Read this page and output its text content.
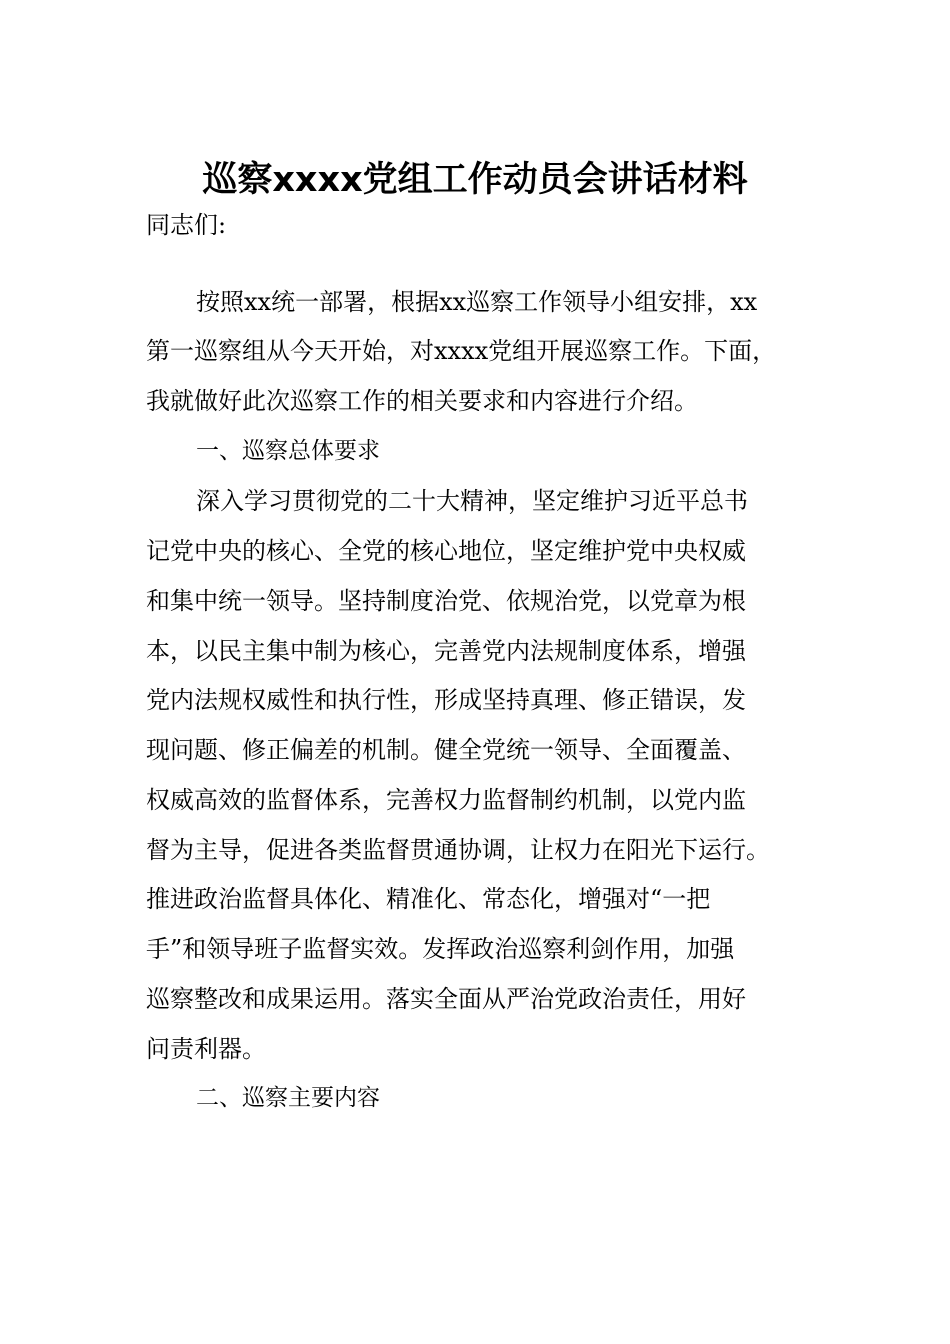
巡察xxxx党组工作动员会讲话材料
同志们:
按照xx统一部署，根据xx巡察工作领导小组安排，xx
第一巡察组从今天开始，对xxxx党组开展巡察工作。下面，
我就做好此次巡察工作的相关要求和内容进行介绍。
一、巡察总体要求
深入学习贯彻党的二十大精神，坚定维护习近平总书
记党中央的核心、全党的核心地位，坚定维护党中央权威
和集中统一领导。坚持制度治党、依规治党，以党章为根
本，以民主集中制为核心，完善党内法规制度体系，增强
党内法规权威性和执行性，形成坚持真理、修正错误，发
现问题、修正偏差的机制。健全党统一领导、全面覆盖、
权威高效的监督体系，完善权力监督制约机制，以党内监
督为主导，促进各类监督贯通协调，让权力在阳光下运行。
推进政治监督具体化、精准化、常态化，增强对“一把
手”和领导班子监督实效。发挥政治巡察利剑作用，加强
巡察整改和成果运用。落实全面从严治党政治责任，用好
问责利器。
二、巡察主要内容
